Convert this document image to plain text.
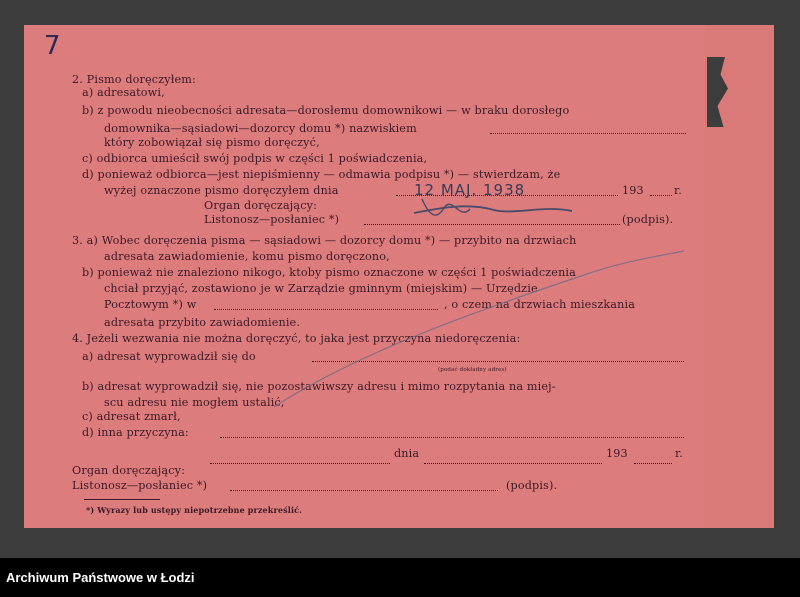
7
2. Pismo doręczyłem:
a) adresatowi,
b) z powodu nieobecności adresata—dorosłemu domownikowi — w braku dorosłego
domownika—sąsiadowi—dozorcy domu *) nazwiskiem
który zobowiązał się pismo doręczyć,
c) odbiorca umieścił swój podpis w części 1 poświadczenia,
d) ponieważ odbiorca—jest niepiśmienny — odmawia podpisu *) — stwierdzam, że
wyżej oznaczone pismo doręczyłem dnia	193	r.
12 MAJ. 1938
Organ doręczający:
Listonosz—posłaniec *)	(podpis).
3. a) Wobec doręczenia pisma — sąsiadowi — dozorcy domu *) — przybito na drzwiach
adresata zawiadomienie, komu pismo doręczono,
b) ponieważ nie znaleziono nikogo, ktoby pismo oznaczone w części 1 poświadczenia
chciał przyjąć, zostawiono je w Zarządzie gminnym (miejskim) — Urzędzie
Pocztowym *) w	, o czem na drzwiach mieszkania
adresata przybito zawiadomienie.
4. Jeżeli wezwania nie można doręczyć, to jaka jest przyczyna niedoręczenia:
a) adresat wyprowadził się do
(podać dokładny adres)
b) adresat wyprowadził się, nie pozostawiwszy adresu i mimo rozpytania na miej-
scu adresu nie mogłem ustalić,
c) adresat zmarł,
d) inna przyczyna:
dnia	193	r.
Organ doręczający:
Listonosz—posłaniec *)	(podpis).
*) Wyrazy lub ustępy niepotrzebne przekreślić.
Archiwum Państwowe w Łodzi
